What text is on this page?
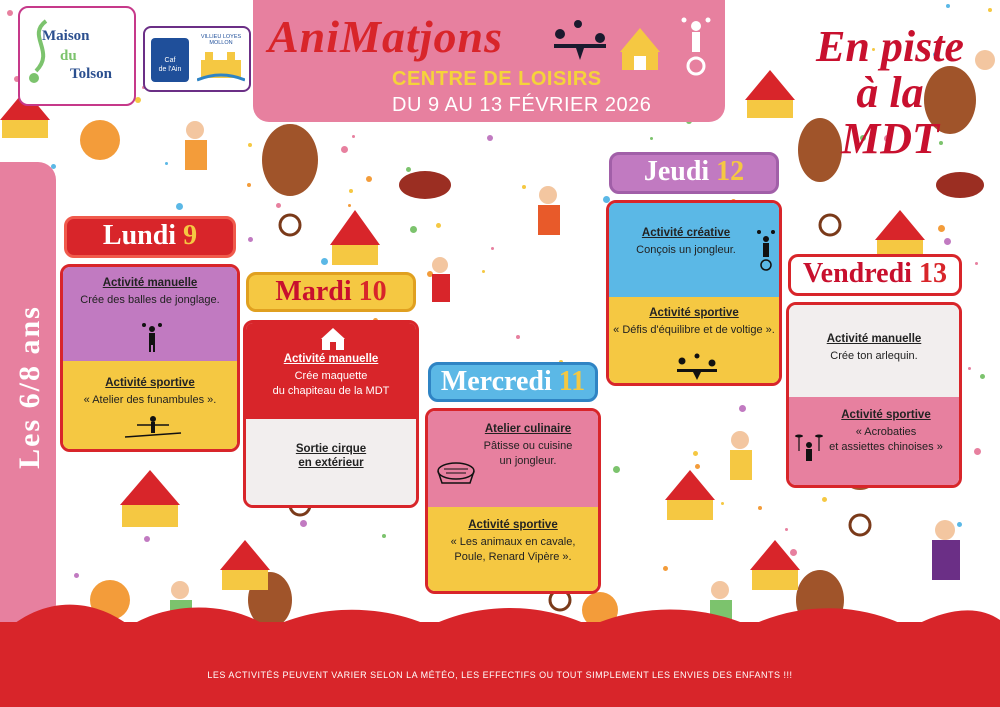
Maison
du
Tolson
Caf
de l'Ain
VILLIEU LOYES MOLLON AniMatjons
CENTRE DE LOISIRS
DU 9 AU 13 FÉVRIER 2026
En piste
à la MDT
Les 6/8 ans
Lundi 9
Activité manuelle
Crée des balles de jonglage.
Activité sportive
« Atelier des funambules ».
Mardi 10
Activité manuelle
Crée maquette
du chapiteau de la MDT
Sortie cirque
en extérieur
Mercredi 11
Atelier culinaire
Pâtisse ou cuisine
un jongleur.
Activité sportive
« Les animaux en cavale,
Poule, Renard Vipère ».
Jeudi 12
Activité créative
Conçois un jongleur.
Activité sportive
« Défis d'équilibre et de voltige ».
Vendredi 13
Activité manuelle
Crée ton arlequin.
Activité sportive
« Acrobaties
et assiettes chinoises »
LES ACTIVITÉS PEUVENT VARIER SELON LA MÉTÉO, LES EFFECTIFS OU TOUT SIMPLEMENT LES ENVIES DES ENFANTS !!!
